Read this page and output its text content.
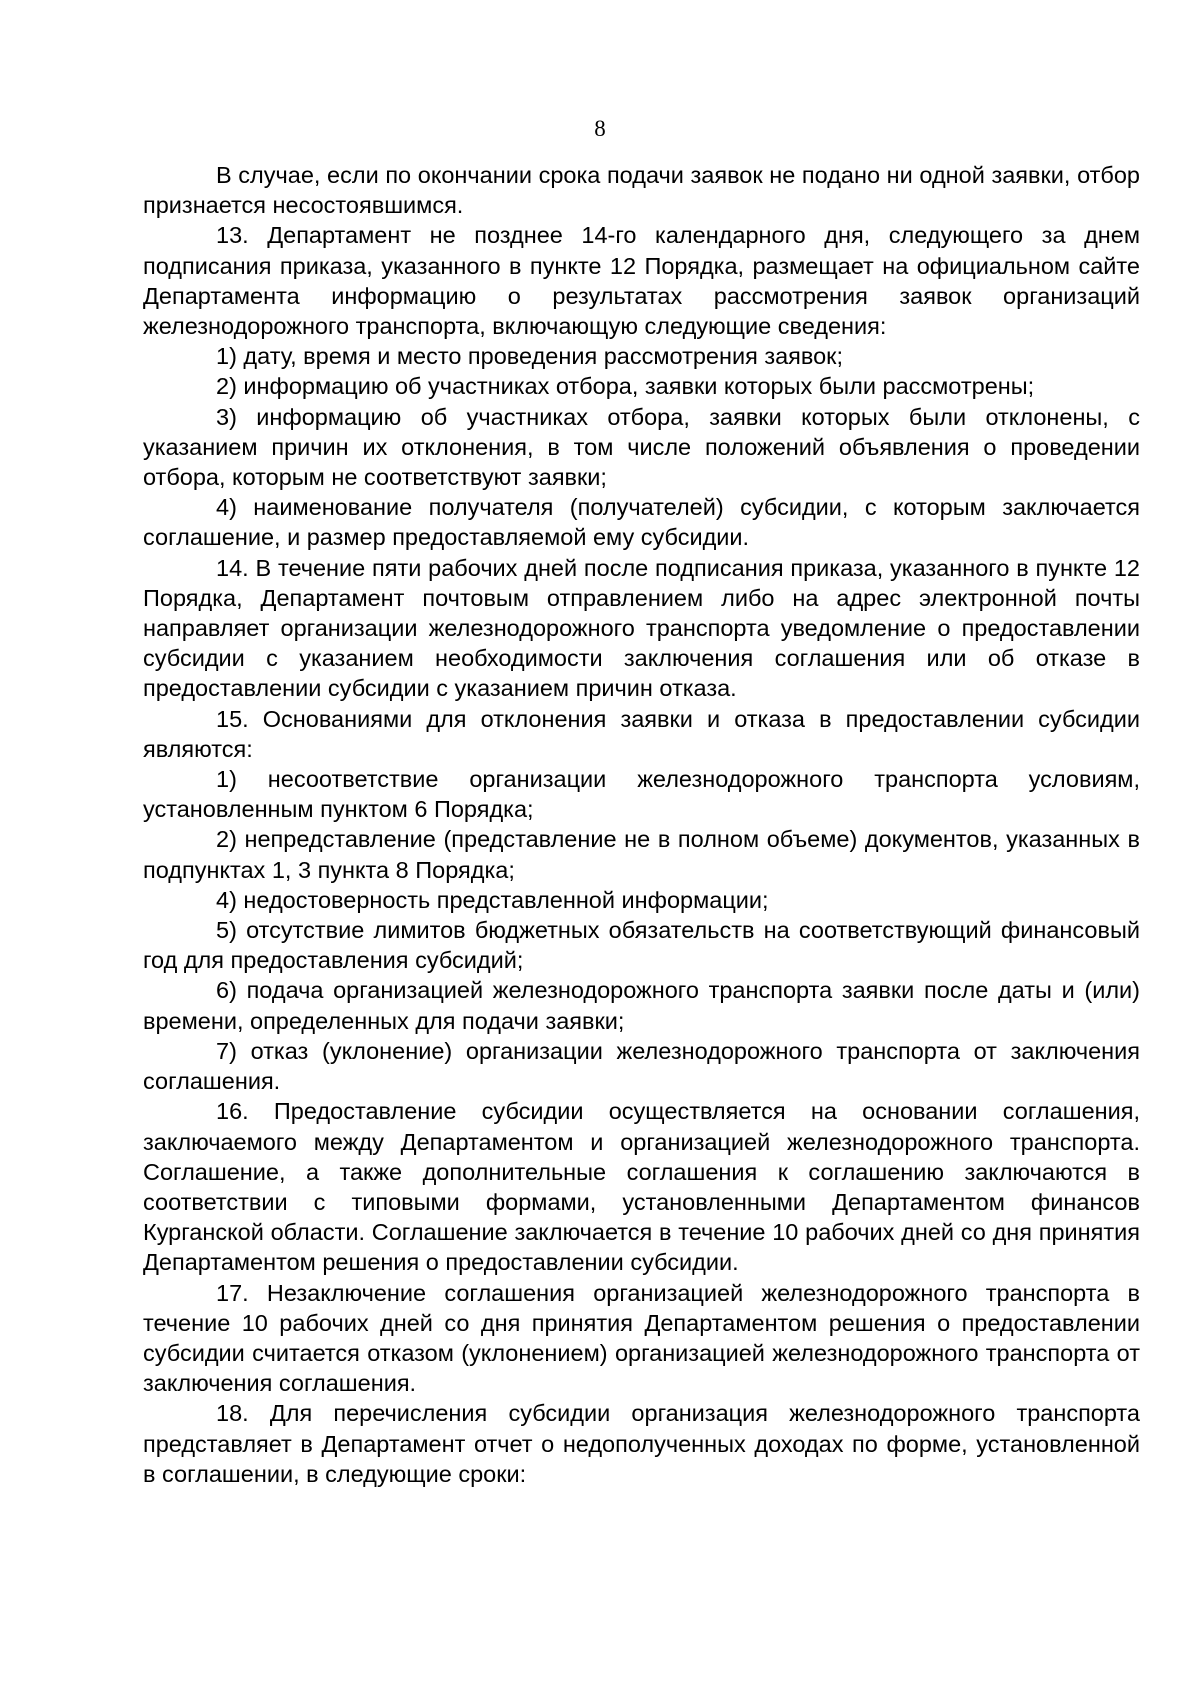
8

В случае, если по окончании срока подачи заявок не подано ни одной заявки, отбор признается несостоявшимся.

13. Департамент не позднее 14-го календарного дня, следующего за днем подписания приказа, указанного в пункте 12 Порядка, размещает на официальном сайте Департамента информацию о результатах рассмотрения заявок организаций железнодорожного транспорта, включающую следующие сведения:

1) дату, время и место проведения рассмотрения заявок;

2) информацию об участниках отбора, заявки которых были рассмотрены;

3) информацию об участниках отбора, заявки которых были отклонены, с указанием причин их отклонения, в том числе положений объявления о проведении отбора, которым не соответствуют заявки;

4) наименование получателя (получателей) субсидии, с которым заключается соглашение, и размер предоставляемой ему субсидии.

14. В течение пяти рабочих дней после подписания приказа, указанного в пункте 12 Порядка, Департамент почтовым отправлением либо на адрес электронной почты направляет организации железнодорожного транспорта уведомление о предоставлении субсидии с указанием необходимости заключения соглашения или об отказе в предоставлении субсидии с указанием причин отказа.

15. Основаниями для отклонения заявки и отказа в предоставлении субсидии являются:

1) несоответствие организации железнодорожного транспорта условиям, установленным пунктом 6 Порядка;

2) непредставление (представление не в полном объеме) документов, указанных в подпунктах 1, 3 пункта 8 Порядка;

4) недостоверность представленной информации;

5) отсутствие лимитов бюджетных обязательств на соответствующий финансовый год для предоставления субсидий;

6) подача организацией железнодорожного транспорта заявки после даты и (или) времени, определенных для подачи заявки;

7) отказ (уклонение) организации железнодорожного транспорта от заключения соглашения.

16. Предоставление субсидии осуществляется на основании соглашения, заключаемого между Департаментом и организацией железнодорожного транспорта. Соглашение, а также дополнительные соглашения к соглашению заключаются в соответствии с типовыми формами, установленными Департаментом финансов Курганской области. Соглашение заключается в течение 10 рабочих дней со дня принятия Департаментом решения о предоставлении субсидии.

17. Незаключение соглашения организацией железнодорожного транспорта в течение 10 рабочих дней со дня принятия Департаментом решения о предоставлении субсидии считается отказом (уклонением) организацией железнодорожного транспорта от заключения соглашения.

18. Для перечисления субсидии организация железнодорожного транспорта представляет в Департамент отчет о недополученных доходах по форме, установленной в соглашении, в следующие сроки:
